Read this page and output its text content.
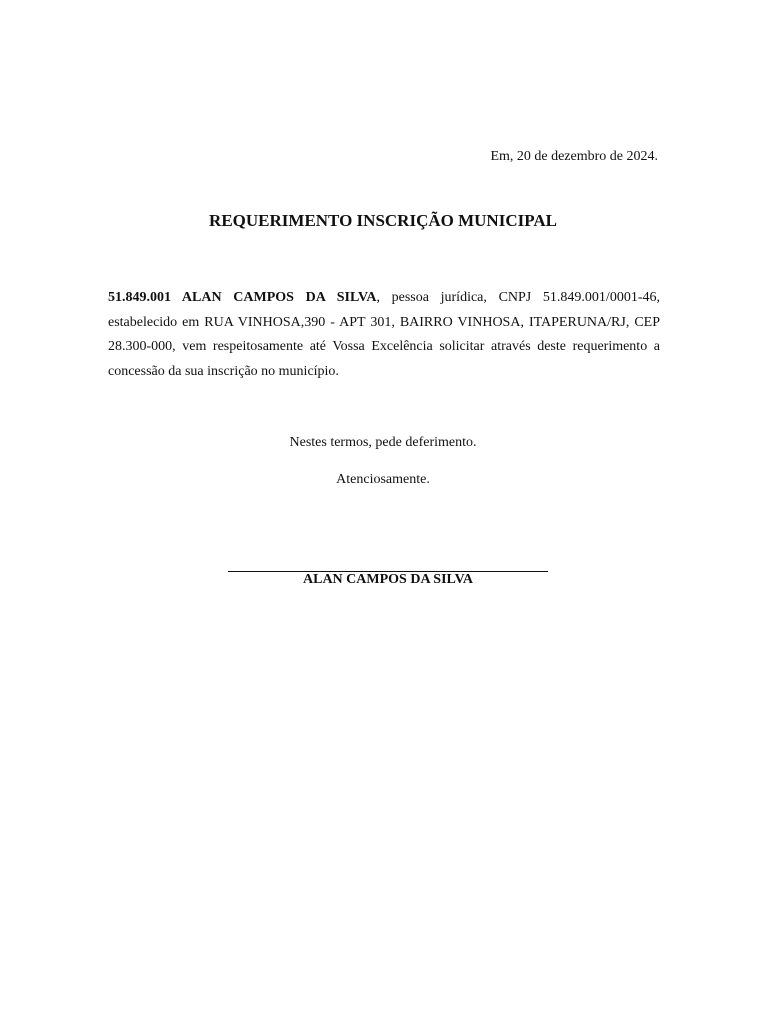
Em, 20 de dezembro de 2024.
REQUERIMENTO INSCRIÇÃO MUNICIPAL

51.849.001 ALAN CAMPOS DA SILVA, pessoa jurídica, CNPJ 51.849.001/0001-46, estabelecido em RUA VINHOSA,390 - APT 301, BAIRRO VINHOSA, ITAPERUNA/RJ, CEP 28.300-000, vem respeitosamente até Vossa Excelência solicitar através deste requerimento a concessão da sua inscrição no município.

Nestes termos, pede deferimento.
Atenciosamente.
ALAN CAMPOS DA SILVA
